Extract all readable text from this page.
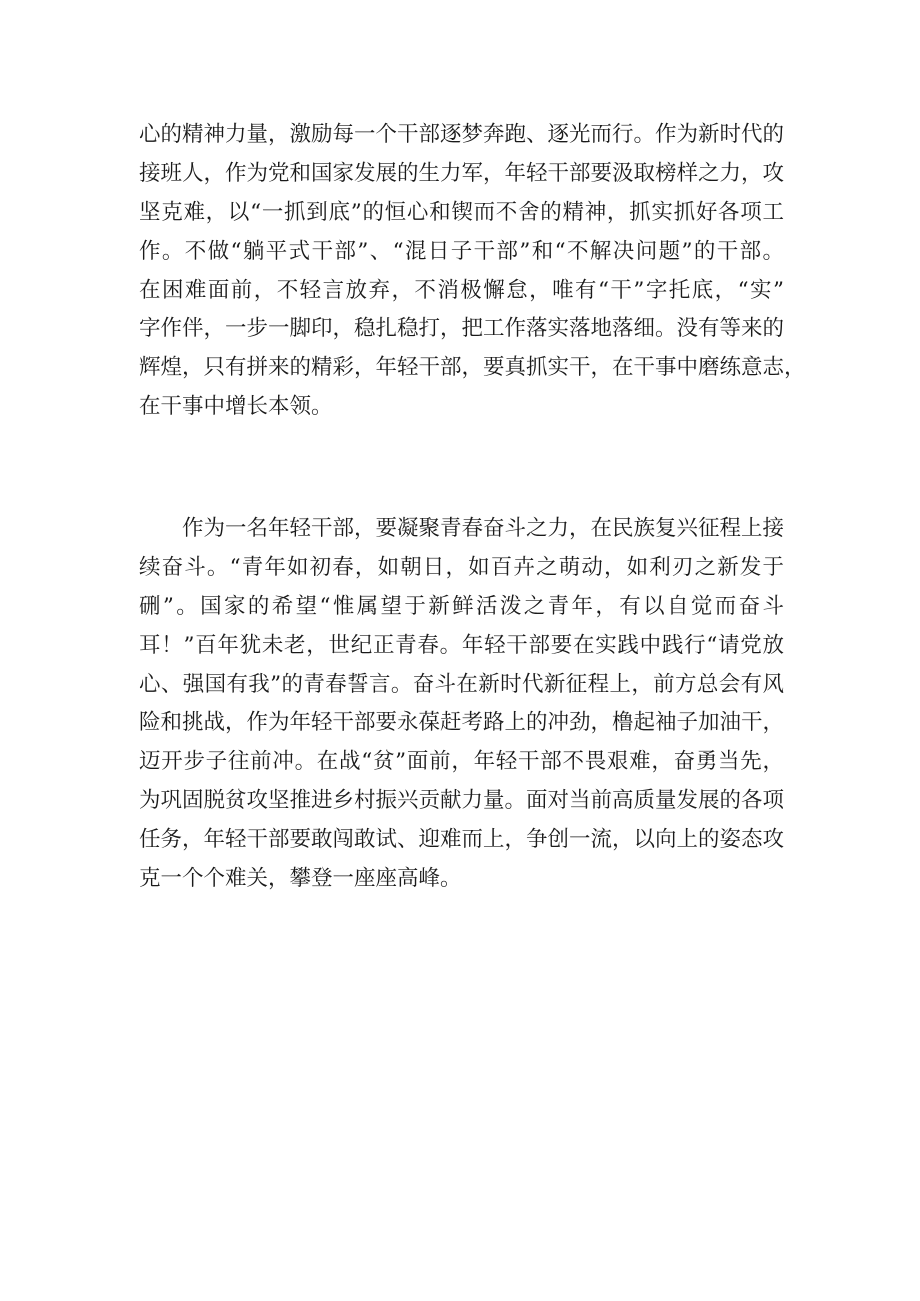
心的精神力量，激励每一个干部逐梦奔跑、逐光而行。作为新时代的
接班人，作为党和国家发展的生力军，年轻干部要汲取榜样之力，攻
坚克难，以“一抓到底”的恒心和锲而不舍的精神，抓实抓好各项工
作。不做“躺平式干部”、“混日子干部”和“不解决问题”的干部。
在困难面前，不轻言放弃，不消极懈怠，唯有“干”字托底，“实”
字作伴，一步一脚印，稳扎稳打，把工作落实落地落细。没有等来的
辉煌，只有拼来的精彩，年轻干部，要真抓实干，在干事中磨练意志，
在干事中增长本领。
　　作为一名年轻干部，要凝聚青春奋斗之力，在民族复兴征程上接
续奋斗。“青年如初春，如朝日，如百卉之萌动，如利刃之新发于
硎”。国家的希望“惟属望于新鲜活泼之青年，有以自觉而奋斗
耳！”百年犹未老，世纪正青春。年轻干部要在实践中践行“请党放
心、强国有我”的青春誓言。奋斗在新时代新征程上，前方总会有风
险和挑战，作为年轻干部要永葆赶考路上的冲劲，橹起袖子加油干，
迈开步子往前冲。在战“贫”面前，年轻干部不畏艰难，奋勇当先，
为巩固脱贫攻坚推进乡村振兴贡献力量。面对当前高质量发展的各项
任务，年轻干部要敢闯敢试、迎难而上，争创一流，以向上的姿态攻
克一个个难关，攀登一座座高峰。
